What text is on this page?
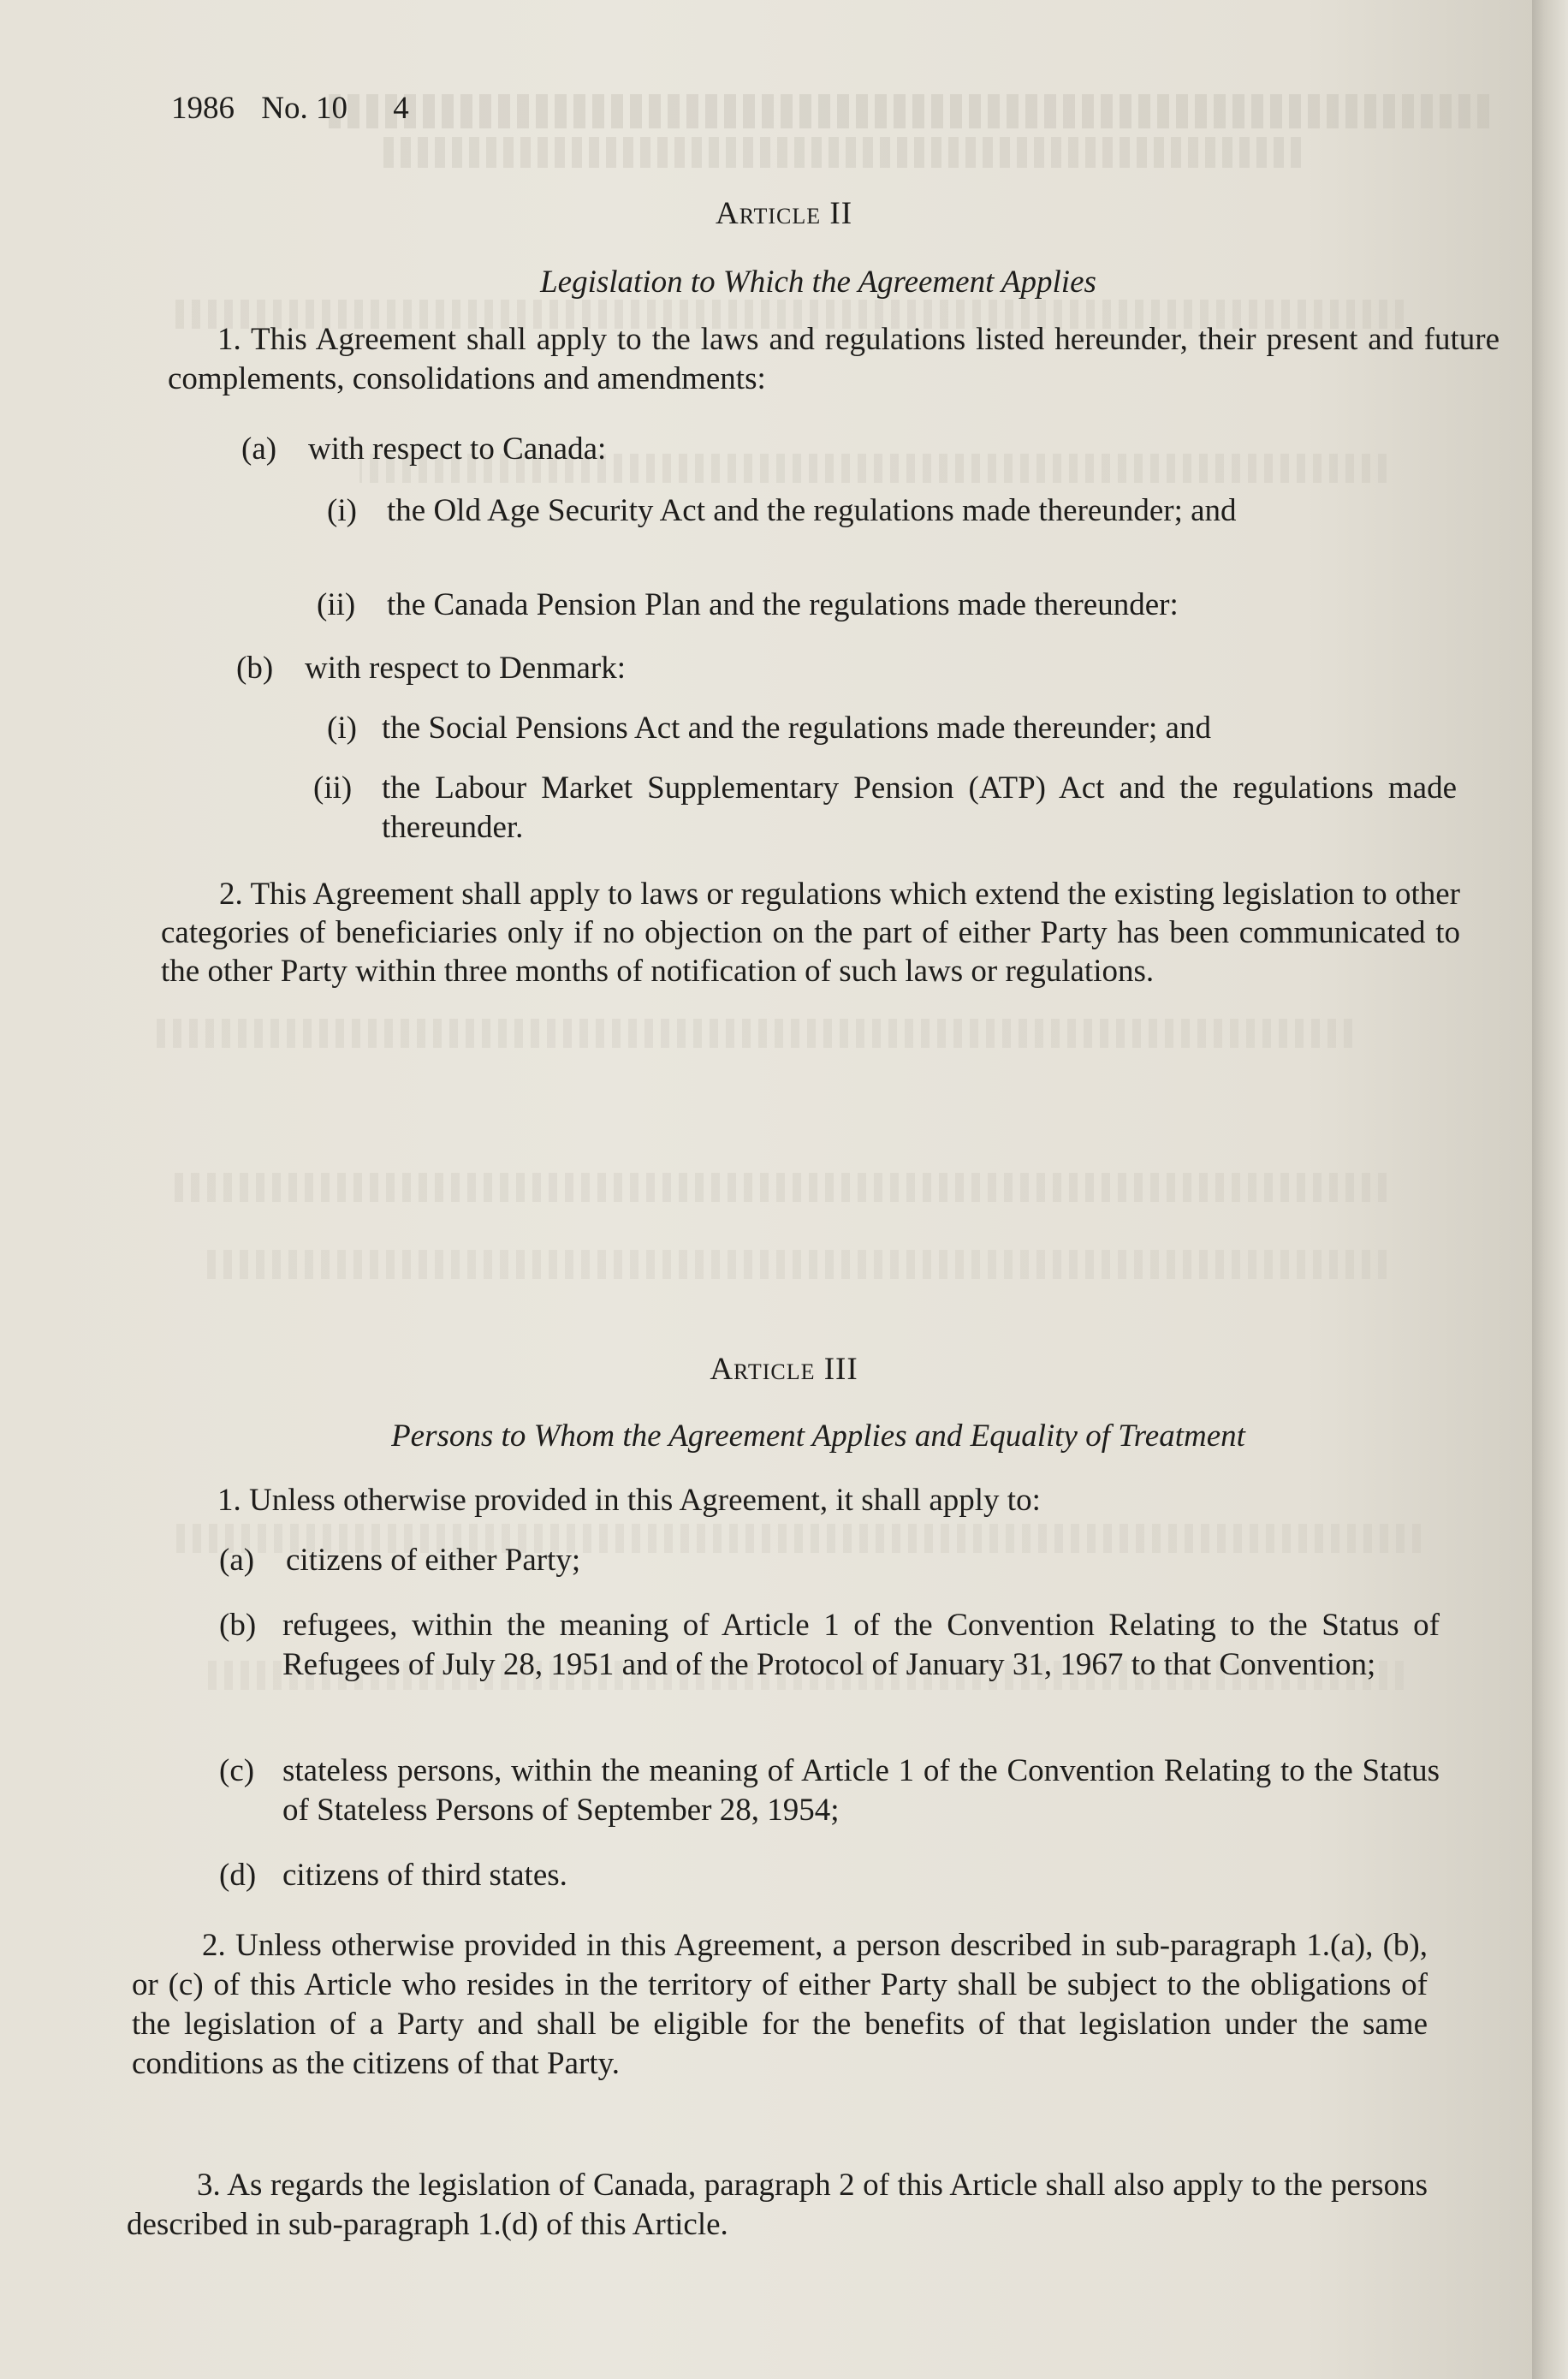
1986 No. 10 4
Article II
Legislation to Which the Agreement Applies
1. This Agreement shall apply to the laws and regulations listed hereunder, their present and future complements, consolidations and amendments:
(a) with respect to Canada:
(i) the Old Age Security Act and the regulations made thereunder; and
(ii) the Canada Pension Plan and the regulations made thereunder:
(b) with respect to Denmark:
(i) the Social Pensions Act and the regulations made thereunder; and
(ii) the Labour Market Supplementary Pension (ATP) Act and the regulations made thereunder.
2. This Agreement shall apply to laws or regulations which extend the existing legislation to other categories of beneficiaries only if no objection on the part of either Party has been communicated to the other Party within three months of notification of such laws or regulations.
Article III
Persons to Whom the Agreement Applies and Equality of Treatment
1. Unless otherwise provided in this Agreement, it shall apply to:
(a) citizens of either Party;
(b) refugees, within the meaning of Article 1 of the Convention Relating to the Status of Refugees of July 28, 1951 and of the Protocol of January 31, 1967 to that Convention;
(c) stateless persons, within the meaning of Article 1 of the Convention Relating to the Status of Stateless Persons of September 28, 1954;
(d) citizens of third states.
2. Unless otherwise provided in this Agreement, a person described in sub-paragraph 1.(a), (b), or (c) of this Article who resides in the territory of either Party shall be subject to the obligations of the legislation of a Party and shall be eligible for the benefits of that legislation under the same conditions as the citizens of that Party.
3. As regards the legislation of Canada, paragraph 2 of this Article shall also apply to the persons described in sub-paragraph 1.(d) of this Article.
